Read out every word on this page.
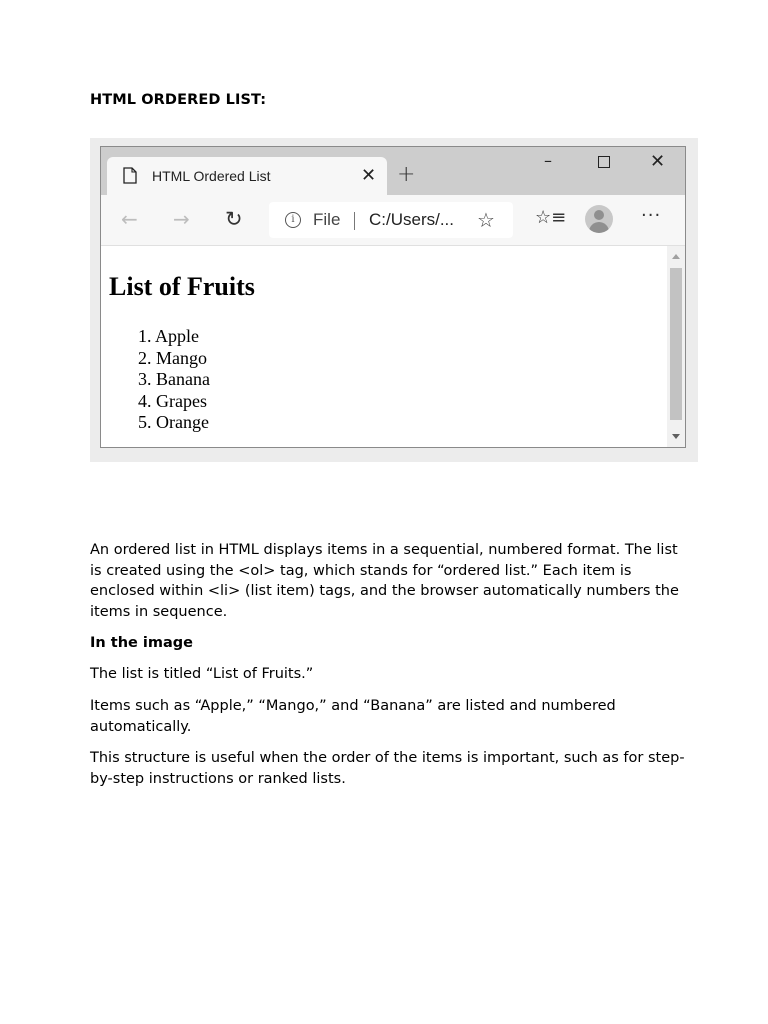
HTML ORDERED LIST:
HTML Ordered List	✕ +
–	✕
← → ↻	i	File C:/Users/... ☆ ☆≡	···
List of Fruits
1. Apple
2. Mango
3. Banana
4. Grapes
5. Orange

An ordered list in HTML displays items in a sequential, numbered format. The list is created using the <ol> tag, which stands for “ordered list.” Each item is enclosed within <li> (list item) tags, and the browser automatically numbers the items in sequence.

In the image

The list is titled “List of Fruits.”

Items such as “Apple,” “Mango,” and “Banana” are listed and numbered automatically.

This structure is useful when the order of the items is important, such as for step-by-step instructions or ranked lists.
